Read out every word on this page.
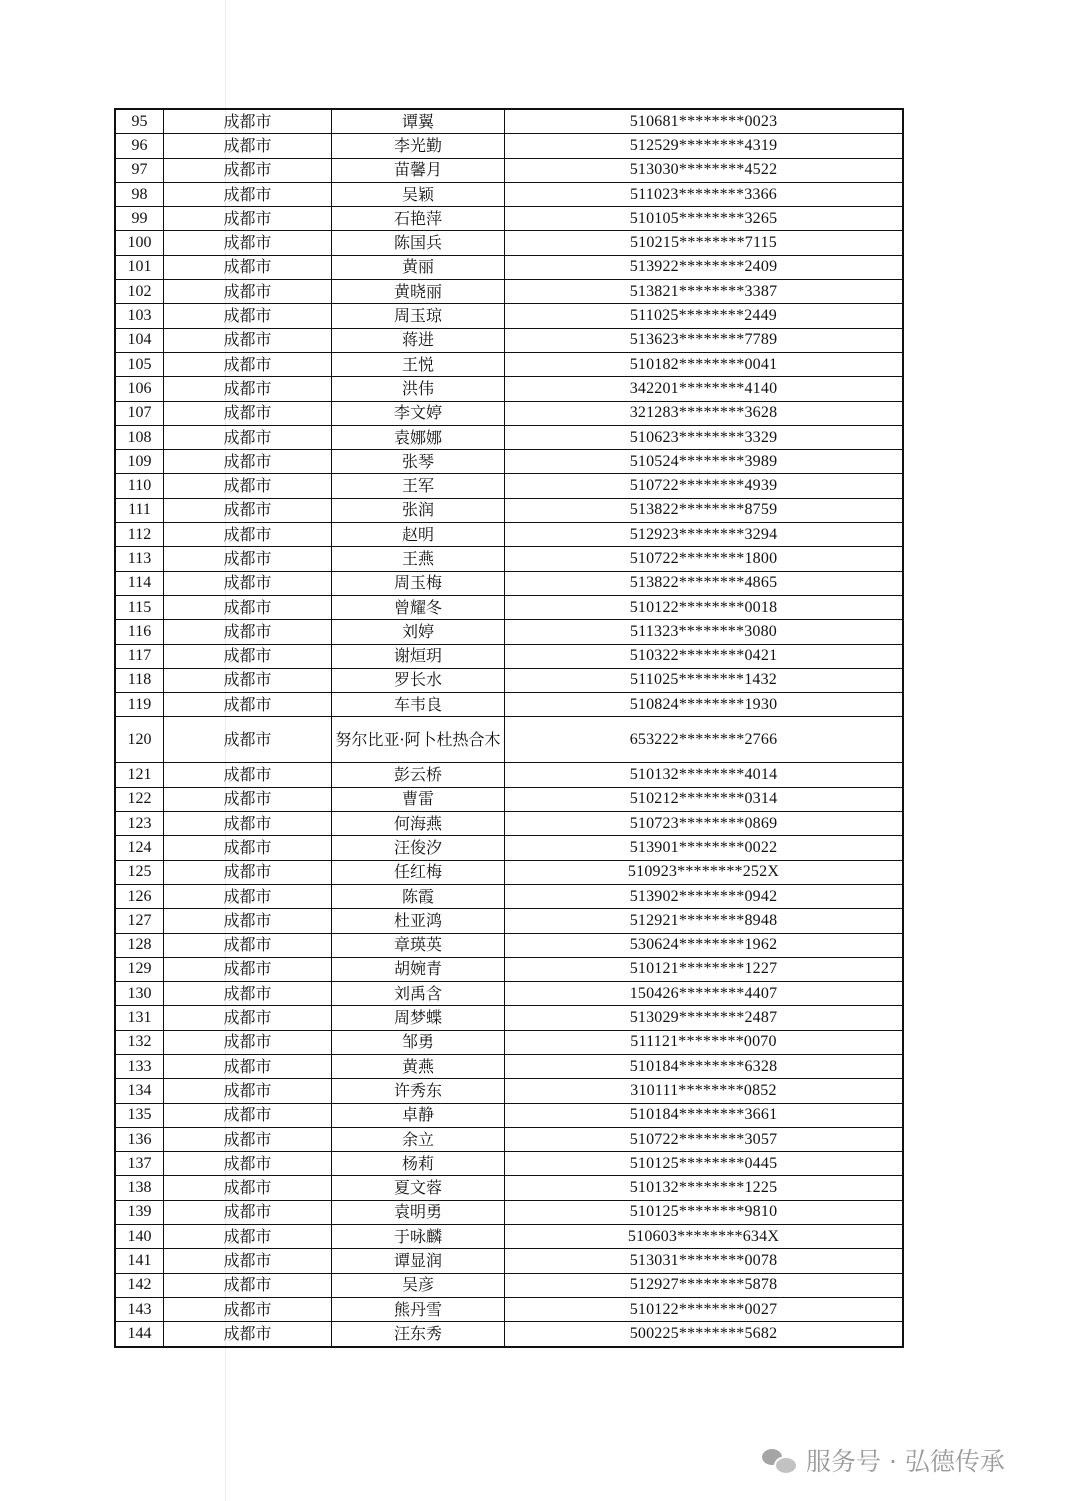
95	成都市	谭翼	510681********0023
96	成都市	李光勤	512529********4319
97	成都市	苗馨月	513030********4522
98	成都市	吴颖	511023********3366
99	成都市	石艳萍	510105********3265
100	成都市	陈国兵	510215********7115
101	成都市	黄丽	513922********2409
102	成都市	黄晓丽	513821********3387
103	成都市	周玉琼	511025********2449
104	成都市	蒋进	513623********7789
105	成都市	王悦	510182********0041
106	成都市	洪伟	342201********4140
107	成都市	李文婷	321283********3628
108	成都市	袁娜娜	510623********3329
109	成都市	张琴	510524********3989
110	成都市	王军	510722********4939
111	成都市	张润	513822********8759
112	成都市	赵明	512923********3294
113	成都市	王燕	510722********1800
114	成都市	周玉梅	513822********4865
115	成都市	曾耀冬	510122********0018
116	成都市	刘婷	511323********3080
117	成都市	谢烜玥	510322********0421
118	成都市	罗长水	511025********1432
119	成都市	车韦良	510824********1930
120	成都市	努尔比亚·阿卜杜热合木	653222********2766
121	成都市	彭云桥	510132********4014
122	成都市	曹雷	510212********0314
123	成都市	何海燕	510723********0869
124	成都市	汪俊汐	513901********0022
125	成都市	任红梅	510923********252X
126	成都市	陈霞	513902********0942
127	成都市	杜亚鸿	512921********8948
128	成都市	章瑛英	530624********1962
129	成都市	胡婉青	510121********1227
130	成都市	刘禹含	150426********4407
131	成都市	周梦蝶	513029********2487
132	成都市	邹勇	511121********0070
133	成都市	黄燕	510184********6328
134	成都市	许秀东	310111********0852
135	成都市	卓静	510184********3661
136	成都市	余立	510722********3057
137	成都市	杨莉	510125********0445
138	成都市	夏文蓉	510132********1225
139	成都市	袁明勇	510125********9810
140	成都市	于咏麟	510603********634X
141	成都市	谭显润	513031********0078
142	成都市	吴彦	512927********5878
143	成都市	熊丹雪	510122********0027
144	成都市	汪东秀	500225********5682
服务号 · 弘德传承
